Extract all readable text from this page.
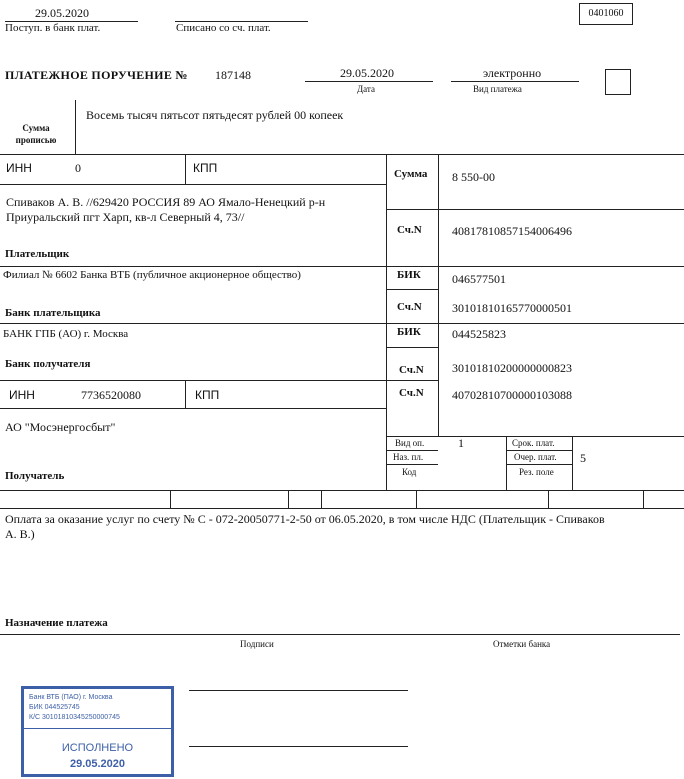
29.05.2020
Поступ. в банк плат.	Списано со сч. плат.
0401060
ПЛАТЕЖНОЕ ПОРУЧЕНИЕ № 187148	29.05.2020
Дата
электронно
Вид платежа
Сумма прописью
Восемь тысяч пятьсот пятьдесят рублей 00 копеек
ИНН	0	КПП
Спиваков А. В. //629420 РОССИЯ 89 АО Ямало-Ненецкий р-н
Приуральский пгт Харп, кв-л Северный 4, 73//
Плательщик
Сумма 8 550-00
Сч.N	40817810857154006496
Филиал № 6602 Банка ВТБ (публичное акционерное общество)
Банк плательщика
БИК	046577501
Сч.N	30101810165770000501
БАНК ГПБ (АО) г. Москва
Банк получателя
БИК	044525823
Сч.N 30101810200000000823
ИНН	7736520080	КПП
АО "Мосэнергосбыт"
Получатель
Сч.N 40702810700000103088
Вид оп.	1
Наз. пл.
Код
Срок. плат.
Очер. плат. 5
Рез. поле
Оплата за оказание услуг по счету № С - 072-20050771-2-50 от 06.05.2020, в том числе НДС (Плательщик - Спиваков
А. В.)
Назначение платежа
Подписи	Отметки банка
Банк ВТБ (ПАО) г. Москва
БИК 044525745
К/С 30101810345250000745
ИСПОЛНЕНО
29.05.2020
